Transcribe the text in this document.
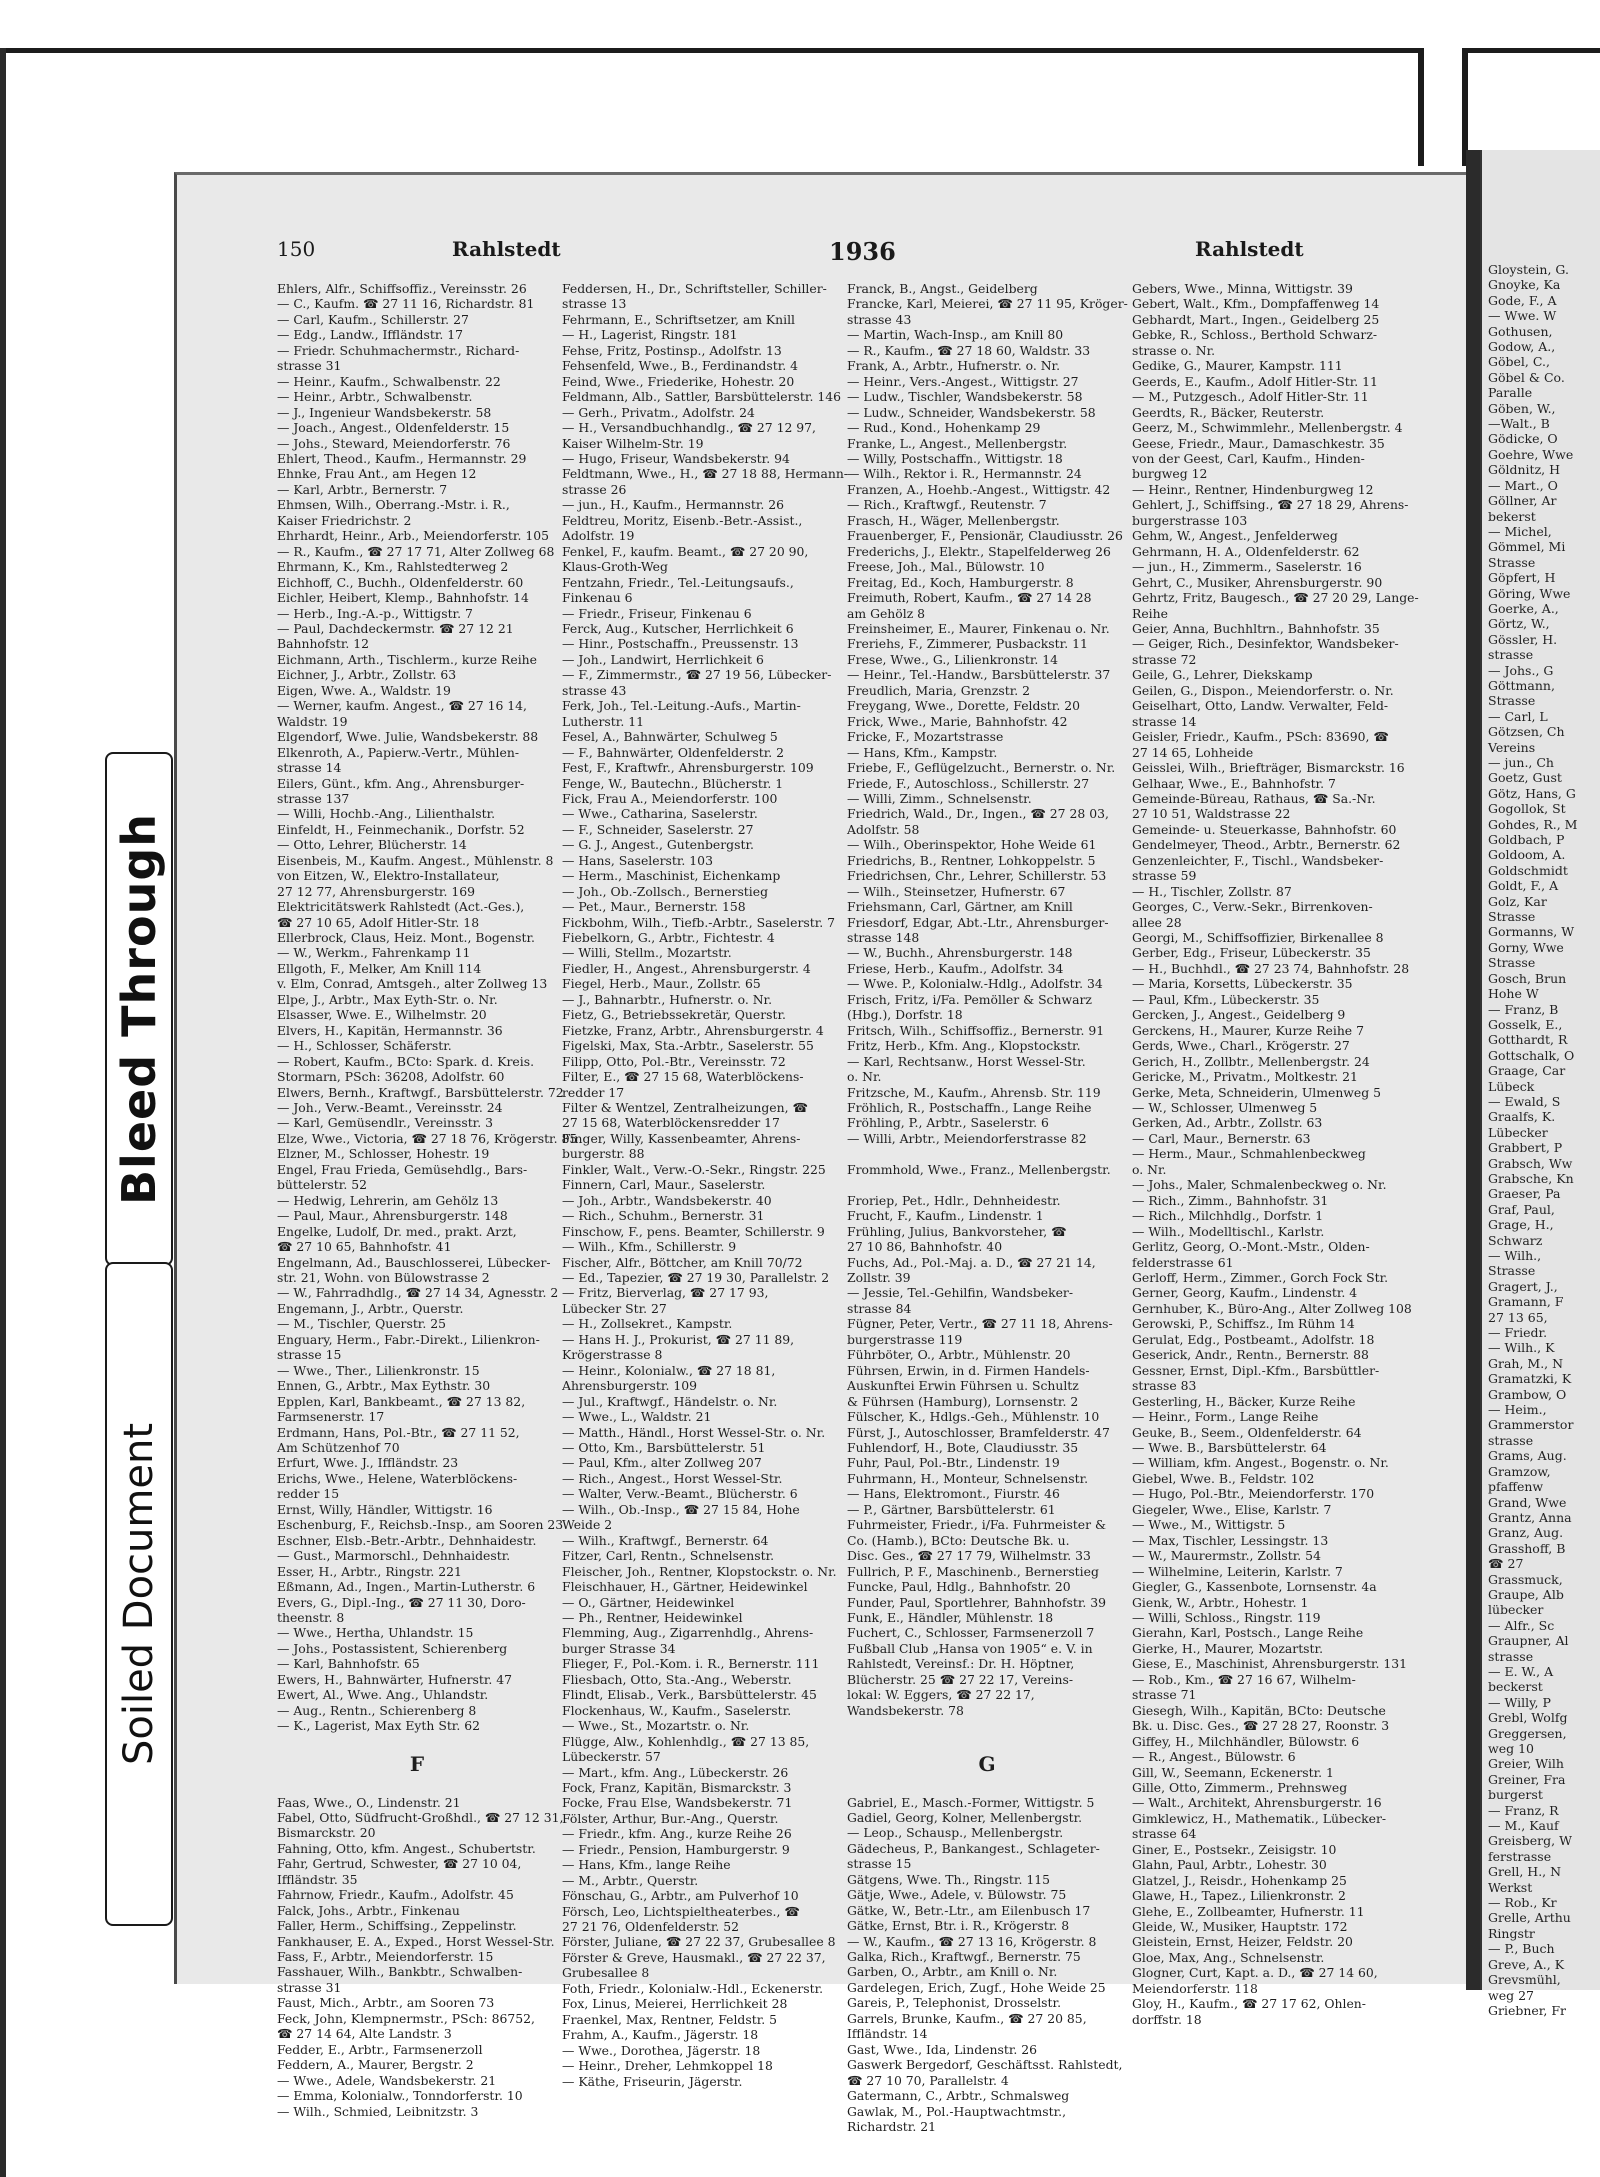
Bleed Through
Soiled Document
150	Rahlstedt	1936	Rahlstedt
Ehlers, Alfr., Schiffsoffiz., Vereinsstr. 26
— C., Kaufm. ☎ 27 11 16, Richardstr. 81
— Carl, Kaufm., Schillerstr. 27
— Edg., Landw., Iffländstr. 17
— Friedr. Schuhmachermstr., Richard-
strasse 31
— Heinr., Kaufm., Schwalbenstr. 22
— Heinr., Arbtr., Schwalbenstr.
— J., Ingenieur Wandsbekerstr. 58
— Joach., Angest., Oldenfelderstr. 15
— Johs., Steward, Meiendorferstr. 76
Ehlert, Theod., Kaufm., Hermannstr. 29
Ehnke, Frau Ant., am Hegen 12
— Karl, Arbtr., Bernerstr. 7
Ehmsen, Wilh., Oberrang.-Mstr. i. R.,
Kaiser Friedrichstr. 2
Ehrhardt, Heinr., Arb., Meiendorferstr. 105
— R., Kaufm., ☎ 27 17 71, Alter Zollweg 68
Ehrmann, K., Km., Rahlstedterweg 2
Eichhoff, C., Buchh., Oldenfelderstr. 60
Eichler, Heibert, Klemp., Bahnhofstr. 14
— Herb., Ing.-A.-p., Wittigstr. 7
— Paul, Dachdeckermstr. ☎ 27 12 21
Bahnhofstr. 12
Eichmann, Arth., Tischlerm., kurze Reihe
Eichner, J., Arbtr., Zollstr. 63
Eigen, Wwe. A., Waldstr. 19
— Werner, kaufm. Angest., ☎ 27 16 14,
Waldstr. 19
Elgendorf, Wwe. Julie, Wandsbekerstr. 88
Elkenroth, A., Papierw.-Vertr., Mühlen-
strasse 14
Eilers, Günt., kfm. Ang., Ahrensburger-
strasse 137
— Willi, Hochb.-Ang., Lilienthalstr.
Einfeldt, H., Feinmechanik., Dorfstr. 52
— Otto, Lehrer, Blücherstr. 14
Eisenbeis, M., Kaufm. Angest., Mühlenstr. 8
von Eitzen, W., Elektro-Installateur,
27 12 77, Ahrensburgerstr. 169
Elektricitätswerk Rahlstedt (Act.-Ges.),
☎ 27 10 65, Adolf Hitler-Str. 18
Ellerbrock, Claus, Heiz. Mont., Bogenstr.
— W., Werkm., Fahrenkamp 11
Ellgoth, F., Melker, Am Knill 114
v. Elm, Conrad, Amtsgeh., alter Zollweg 13
Elpe, J., Arbtr., Max Eyth-Str. o. Nr.
Elsasser, Wwe. E., Wilhelmstr. 20
Elvers, H., Kapitän, Hermannstr. 36
— H., Schlosser, Schäferstr.
— Robert, Kaufm., BCto: Spark. d. Kreis.
Stormarn, PSch: 36208, Adolfstr. 60
Elwers, Bernh., Kraftwgf., Barsbüttelerstr. 72
— Joh., Verw.-Beamt., Vereinsstr. 24
— Karl, Gemüsendlr., Vereinsstr. 3
Elze, Wwe., Victoria, ☎ 27 18 76, Krögerstr. 85
Elzner, M., Schlosser, Hohestr. 19
Engel, Frau Frieda, Gemüsehdlg., Bars-
büttelerstr. 52
— Hedwig, Lehrerin, am Gehölz 13
— Paul, Maur., Ahrensburgerstr. 148
Engelke, Ludolf, Dr. med., prakt. Arzt,
☎ 27 10 65, Bahnhofstr. 41
Engelmann, Ad., Bauschlosserei, Lübecker-
str. 21, Wohn. von Bülowstrasse 2
— W., Fahrradhdlg., ☎ 27 14 34, Agnesstr. 2
Engemann, J., Arbtr., Querstr.
— M., Tischler, Querstr. 25
Enguary, Herm., Fabr.-Direkt., Lilienkron-
strasse 15
— Wwe., Ther., Lilienkronstr. 15
Ennen, G., Arbtr., Max Eythstr. 30
Epplen, Karl, Bankbeamt., ☎ 27 13 82,
Farmsenerstr. 17
Erdmann, Hans, Pol.-Btr., ☎ 27 11 52,
Am Schützenhof 70
Erfurt, Wwe. J., Iffländstr. 23
Erichs, Wwe., Helene, Waterblöckens-
redder 15
Ernst, Willy, Händler, Wittigstr. 16
Eschenburg, F., Reichsb.-Insp., am Sooren 23
Eschner, Elsb.-Betr.-Arbtr., Dehnhaidestr.
— Gust., Marmorschl., Dehnhaidestr.
Esser, H., Arbtr., Ringstr. 221
Eßmann, Ad., Ingen., Martin-Lutherstr. 6
Evers, G., Dipl.-Ing., ☎ 27 11 30, Doro-
theenstr. 8
— Wwe., Hertha, Uhlandstr. 15
— Johs., Postassistent, Schierenberg
— Karl, Bahnhofstr. 65
Ewers, H., Bahnwärter, Hufnerstr. 47
Ewert, Al., Wwe. Ang., Uhlandstr.
— Aug., Rentn., Schierenberg 8
— K., Lagerist, Max Eyth Str. 62

F

Faas, Wwe., O., Lindenstr. 21
Fabel, Otto, Südfrucht-Großhdl., ☎ 27 12 31,
Bismarckstr. 20
Fahning, Otto, kfm. Angest., Schubertstr.
Fahr, Gertrud, Schwester, ☎ 27 10 04,
Iffländstr. 35
Fahrnow, Friedr., Kaufm., Adolfstr. 45
Falck, Johs., Arbtr., Finkenau
Faller, Herm., Schiffsing., Zeppelinstr.
Fankhauser, E. A., Exped., Horst Wessel-Str.
Fass, F., Arbtr., Meiendorferstr. 15
Fasshauer, Wilh., Bankbtr., Schwalben-
strasse 31
Faust, Mich., Arbtr., am Sooren 73
Feck, John, Klempnermstr., PSch: 86752,
☎ 27 14 64, Alte Landstr. 3
Fedder, E., Arbtr., Farmsenerzoll
Feddern, A., Maurer, Bergstr. 2
— Wwe., Adele, Wandsbekerstr. 21
— Emma, Kolonialw., Tonndorferstr. 10
— Wilh., Schmied, Leibnitzstr. 3
Feddersen, H., Dr., Schriftsteller, Schiller-
strasse 13
Fehrmann, E., Schriftsetzer, am Knill
— H., Lagerist, Ringstr. 181
Fehse, Fritz, Postinsp., Adolfstr. 13
Fehsenfeld, Wwe., B., Ferdinandstr. 4
Feind, Wwe., Friederike, Hohestr. 20
Feldmann, Alb., Sattler, Barsbüttelerstr. 146
— Gerh., Privatm., Adolfstr. 24
— H., Versandbuchhandlg., ☎ 27 12 97,
Kaiser Wilhelm-Str. 19
— Hugo, Friseur, Wandsbekerstr. 94
Feldtmann, Wwe., H., ☎ 27 18 88, Hermann-
strasse 26
— jun., H., Kaufm., Hermannstr. 26
Feldtreu, Moritz, Eisenb.-Betr.-Assist.,
Adolfstr. 19
Fenkel, F., kaufm. Beamt., ☎ 27 20 90,
Klaus-Groth-Weg
Fentzahn, Friedr., Tel.-Leitungsaufs.,
Finkenau 6
— Friedr., Friseur, Finkenau 6
Ferck, Aug., Kutscher, Herrlichkeit 6
— Hinr., Postschaffn., Preussenstr. 13
— Joh., Landwirt, Herrlichkeit 6
— F., Zimmermstr., ☎ 27 19 56, Lübecker-
strasse 43
Ferk, Joh., Tel.-Leitung.-Aufs., Martin-
Lutherstr. 11
Fesel, A., Bahnwärter, Schulweg 5
— F., Bahnwärter, Oldenfelderstr. 2
Fest, F., Kraftwfr., Ahrensburgerstr. 109
Fenge, W., Bautechn., Blücherstr. 1
Fick, Frau A., Meiendorferstr. 100
— Wwe., Catharina, Saselerstr.
— F., Schneider, Saselerstr. 27
— G. J., Angest., Gutenbergstr.
— Hans, Saselerstr. 103
— Herm., Maschinist, Eichenkamp
— Joh., Ob.-Zollsch., Bernerstieg
— Pet., Maur., Bernerstr. 158
Fickbohm, Wilh., Tiefb.-Arbtr., Saselerstr. 7
Fiebelkorn, G., Arbtr., Fichtestr. 4
— Willi, Stellm., Mozartstr.
Fiedler, H., Angest., Ahrensburgerstr. 4
Fiegel, Herb., Maur., Zollstr. 65
— J., Bahnarbtr., Hufnerstr. o. Nr.
Fietz, G., Betriebssekretär, Querstr.
Fietzke, Franz, Arbtr., Ahrensburgerstr. 4
Figelski, Max, Sta.-Arbtr., Saselerstr. 55
Filipp, Otto, Pol.-Btr., Vereinsstr. 72
Filter, E., ☎ 27 15 68, Waterblöckens-
redder 17
Filter & Wentzel, Zentralheizungen, ☎
27 15 68, Waterblöckensredder 17
Finger, Willy, Kassenbeamter, Ahrens-
burgerstr. 88
Finkler, Walt., Verw.-O.-Sekr., Ringstr. 225
Finnern, Carl, Maur., Saselerstr.
— Joh., Arbtr., Wandsbekerstr. 40
— Rich., Schuhm., Bernerstr. 31
Finschow, F., pens. Beamter, Schillerstr. 9
— Wilh., Kfm., Schillerstr. 9
Fischer, Alfr., Böttcher, am Knill 70/72
— Ed., Tapezier, ☎ 27 19 30, Parallelstr. 2
— Fritz, Bierverlag, ☎ 27 17 93,
Lübecker Str. 27
— H., Zollsekret., Kampstr.
— Hans H. J., Prokurist, ☎ 27 11 89,
Krögerstrasse 8
— Heinr., Kolonialw., ☎ 27 18 81,
Ahrensburgerstr. 109
— Jul., Kraftwgf., Händelstr. o. Nr.
— Wwe., L., Waldstr. 21
— Matth., Händl., Horst Wessel-Str. o. Nr.
— Otto, Km., Barsbüttelerstr. 51
— Paul, Kfm., alter Zollweg 207
— Rich., Angest., Horst Wessel-Str.
— Walter, Verw.-Beamt., Blücherstr. 6
— Wilh., Ob.-Insp., ☎ 27 15 84, Hohe
Weide 2
— Wilh., Kraftwgf., Bernerstr. 64
Fitzer, Carl, Rentn., Schnelsenstr.
Fleischer, Joh., Rentner, Klopstockstr. o. Nr.
Fleischhauer, H., Gärtner, Heidewinkel
— O., Gärtner, Heidewinkel
— Ph., Rentner, Heidewinkel
Flemming, Aug., Zigarrenhdlg., Ahrens-
burger Strasse 34
Flieger, F., Pol.-Kom. i. R., Bernerstr. 111
Fliesbach, Otto, Sta.-Ang., Weberstr.
Flindt, Elisab., Verk., Barsbüttelerstr. 45
Flockenhaus, W., Kaufm., Saselerstr.
— Wwe., St., Mozartstr. o. Nr.
Flügge, Alw., Kohlenhdlg., ☎ 27 13 85,
Lübeckerstr. 57
— Mart., kfm. Ang., Lübeckerstr. 26
Fock, Franz, Kapitän, Bismarckstr. 3
Focke, Frau Else, Wandsbekerstr. 71
Fölster, Arthur, Bur.-Ang., Querstr.
— Friedr., kfm. Ang., kurze Reihe 26
— Friedr., Pension, Hamburgerstr. 9
— Hans, Kfm., lange Reihe
— M., Arbtr., Querstr.
Fönschau, G., Arbtr., am Pulverhof 10
Försch, Leo, Lichtspieltheaterbes., ☎
27 21 76, Oldenfelderstr. 52
Förster, Juliane, ☎ 27 22 37, Grubesallee 8
Förster & Greve, Hausmakl., ☎ 27 22 37,
Grubesallee 8
Foth, Friedr., Kolonialw.-Hdl., Eckenerstr.
Fox, Linus, Meierei, Herrlichkeit 28
Fraenkel, Max, Rentner, Feldstr. 5
Frahm, A., Kaufm., Jägerstr. 18
— Wwe., Dorothea, Jägerstr. 18
— Heinr., Dreher, Lehmkoppel 18
— Käthe, Friseurin, Jägerstr.
Franck, B., Angst., Geidelberg
Francke, Karl, Meierei, ☎ 27 11 95, Kröger-
strasse 43
— Martin, Wach-Insp., am Knill 80
— R., Kaufm., ☎ 27 18 60, Waldstr. 33
Frank, A., Arbtr., Hufnerstr. o. Nr.
— Heinr., Vers.-Angest., Wittigstr. 27
— Ludw., Tischler, Wandsbekerstr. 58
— Ludw., Schneider, Wandsbekerstr. 58
— Rud., Kond., Hohenkamp 29
Franke, L., Angest., Mellenbergstr.
— Willy, Postschaffn., Wittigstr. 18
— Wilh., Rektor i. R., Hermannstr. 24
Franzen, A., Hoehb.-Angest., Wittigstr. 42
— Rich., Kraftwgf., Reutenstr. 7
Frasch, H., Wäger, Mellenbergstr.
Frauenberger, F., Pensionär, Claudiusstr. 26
Frederichs, J., Elektr., Stapelfelderweg 26
Freese, Joh., Mal., Bülowstr. 10
Freitag, Ed., Koch, Hamburgerstr. 8
Freimuth, Robert, Kaufm., ☎ 27 14 28
am Gehölz 8
Freinsheimer, E., Maurer, Finkenau o. Nr.
Freriehs, F., Zimmerer, Pusbackstr. 11
Frese, Wwe., G., Lilienkronstr. 14
— Heinr., Tel.-Handw., Barsbüttelerstr. 37
Freudlich, Maria, Grenzstr. 2
Freygang, Wwe., Dorette, Feldstr. 20
Frick, Wwe., Marie, Bahnhofstr. 42
Fricke, F., Mozartstrasse
— Hans, Kfm., Kampstr.
Friebe, F., Geflügelzucht., Bernerstr. o. Nr.
Friede, F., Autoschloss., Schillerstr. 27
— Willi, Zimm., Schnelsenstr.
Friedrich, Wald., Dr., Ingen., ☎ 27 28 03,
Adolfstr. 58
— Wilh., Oberinspektor, Hohe Weide 61
Friedrichs, B., Rentner, Lohkoppelstr. 5
Friedrichsen, Chr., Lehrer, Schillerstr. 53
— Wilh., Steinsetzer, Hufnerstr. 67
Friehsmann, Carl, Gärtner, am Knill
Friesdorf, Edgar, Abt.-Ltr., Ahrensburger-
strasse 148
— W., Buchh., Ahrensburgerstr. 148
Friese, Herb., Kaufm., Adolfstr. 34
— Wwe. P., Kolonialw.-Hdlg., Adolfstr. 34
Frisch, Fritz, i/Fa. Pemöller & Schwarz
(Hbg.), Dorfstr. 18
Fritsch, Wilh., Schiffsoffiz., Bernerstr. 91
Fritz, Herb., Kfm. Ang., Klopstockstr.
— Karl, Rechtsanw., Horst Wessel-Str.
o. Nr.
Fritzsche, M., Kaufm., Ahrensb. Str. 119
Fröhlich, R., Postschaffn., Lange Reihe
Fröhling, P., Arbtr., Saselerstr. 6
— Willi, Arbtr., Meiendorferstrasse 82

Frommhold, Wwe., Franz., Mellenbergstr.

Froriep, Pet., Hdlr., Dehnheidestr.
Frucht, F., Kaufm., Lindenstr. 1
Frühling, Julius, Bankvorsteher, ☎
27 10 86, Bahnhofstr. 40
Fuchs, Ad., Pol.-Maj. a. D., ☎ 27 21 14,
Zollstr. 39
— Jessie, Tel.-Gehilfin, Wandsbeker-
strasse 84
Fügner, Peter, Vertr., ☎ 27 11 18, Ahrens-
burgerstrasse 119
Führböter, O., Arbtr., Mühlenstr. 20
Führsen, Erwin, in d. Firmen Handels-
Auskunftei Erwin Führsen u. Schultz
& Führsen (Hamburg), Lornsenstr. 2
Fülscher, K., Hdlgs.-Geh., Mühlenstr. 10
Fürst, J., Autoschlosser, Bramfelderstr. 47
Fuhlendorf, H., Bote, Claudiusstr. 35
Fuhr, Paul, Pol.-Btr., Lindenstr. 19
Fuhrmann, H., Monteur, Schnelsenstr.
— Hans, Elektromont., Fiurstr. 46
— P., Gärtner, Barsbüttelerstr. 61
Fuhrmeister, Friedr., i/Fa. Fuhrmeister &
Co. (Hamb.), BCto: Deutsche Bk. u.
Disc. Ges., ☎ 27 17 79, Wilhelmstr. 33
Fullrich, P. F., Maschinenb., Bernerstieg
Funcke, Paul, Hdlg., Bahnhofstr. 20
Funder, Paul, Sportlehrer, Bahnhofstr. 39
Funk, E., Händler, Mühlenstr. 18
Fuchert, C., Schlosser, Farmsenerzoll 7
Fußball Club „Hansa von 1905“ e. V. in
Rahlstedt, Vereinsf.: Dr. H. Höptner,
Blücherstr. 25 ☎ 27 22 17, Vereins-
lokal: W. Eggers, ☎ 27 22 17,
Wandsbekerstr. 78

G

Gabriel, E., Masch.-Former, Wittigstr. 5
Gadiel, Georg, Kolner, Mellenbergstr.
— Leop., Schausp., Mellenbergstr.
Gädecheus, P., Bankangest., Schlageter-
strasse 15
Gätgens, Wwe. Th., Ringstr. 115
Gätje, Wwe., Adele, v. Bülowstr. 75
Gätke, W., Betr.-Ltr., am Eilenbusch 17
Gätke, Ernst, Btr. i. R., Krögerstr. 8
— W., Kaufm., ☎ 27 13 16, Krögerstr. 8
Galka, Rich., Kraftwgf., Bernerstr. 75
Garben, O., Arbtr., am Knill o. Nr.
Gardelegen, Erich, Zugf., Hohe Weide 25
Gareis, P., Telephonist, Drosselstr.
Garrels, Brunke, Kaufm., ☎ 27 20 85,
Iffländstr. 14
Gast, Wwe., Ida, Lindenstr. 26
Gaswerk Bergedorf, Geschäftsst. Rahlstedt,
☎ 27 10 70, Parallelstr. 4
Gatermann, C., Arbtr., Schmalsweg
Gawlak, M., Pol.-Hauptwachtmstr.,
Richardstr. 21
Gebers, Wwe., Minna, Wittigstr. 39
Gebert, Walt., Kfm., Dompfaffenweg 14
Gebhardt, Mart., Ingen., Geidelberg 25
Gebke, R., Schloss., Berthold Schwarz-
strasse o. Nr.
Gedike, G., Maurer, Kampstr. 111
Geerds, E., Kaufm., Adolf Hitler-Str. 11
— M., Putzgesch., Adolf Hitler-Str. 11
Geerdts, R., Bäcker, Reuterstr.
Geerz, M., Schwimmlehr., Mellenbergstr. 4
Geese, Friedr., Maur., Damaschkestr. 35
von der Geest, Carl, Kaufm., Hinden-
burgweg 12
— Heinr., Rentner, Hindenburgweg 12
Gehlert, J., Schiffsing., ☎ 27 18 29, Ahrens-
burgerstrasse 103
Gehm, W., Angest., Jenfelderweg
Gehrmann, H. A., Oldenfelderstr. 62
— jun., H., Zimmerm., Saselerstr. 16
Gehrt, C., Musiker, Ahrensburgerstr. 90
Gehrtz, Fritz, Baugesch., ☎ 27 20 29, Lange-
Reihe
Geier, Anna, Buchhltrn., Bahnhofstr. 35
— Geiger, Rich., Desinfektor, Wandsbeker-
strasse 72
Geile, G., Lehrer, Diekskamp
Geilen, G., Dispon., Meiendorferstr. o. Nr.
Geiselhart, Otto, Landw. Verwalter, Feld-
strasse 14
Geisler, Friedr., Kaufm., PSch: 83690, ☎
27 14 65, Lohheide
Geisslei, Wilh., Briefträger, Bismarckstr. 16
Gelhaar, Wwe., E., Bahnhofstr. 7
Gemeinde-Büreau, Rathaus, ☎ Sa.-Nr.
27 10 51, Waldstrasse 22
Gemeinde- u. Steuerkasse, Bahnhofstr. 60
Gendelmeyer, Theod., Arbtr., Bernerstr. 62
Genzenleichter, F., Tischl., Wandsbeker-
strasse 59
— H., Tischler, Zollstr. 87
Georges, C., Verw.-Sekr., Birrenkoven-
allee 28
Georgi, M., Schiffsoffizier, Birkenallee 8
Gerber, Edg., Friseur, Lübeckerstr. 35
— H., Buchhdl., ☎ 27 23 74, Bahnhofstr. 28
— Maria, Korsetts, Lübeckerstr. 35
— Paul, Kfm., Lübeckerstr. 35
Gercken, J., Angest., Geidelberg 9
Gerckens, H., Maurer, Kurze Reihe 7
Gerds, Wwe., Charl., Krögerstr. 27
Gerich, H., Zollbtr., Mellenbergstr. 24
Gericke, M., Privatm., Moltkestr. 21
Gerke, Meta, Schneiderin, Ulmenweg 5
— W., Schlosser, Ulmenweg 5
Gerken, Ad., Arbtr., Zollstr. 63
— Carl, Maur., Bernerstr. 63
— Herm., Maur., Schmahlenbeckweg
o. Nr.
— Johs., Maler, Schmalenbeckweg o. Nr.
— Rich., Zimm., Bahnhofstr. 31
— Rich., Milchhdlg., Dorfstr. 1
— Wilh., Modelltischl., Karlstr.
Gerlitz, Georg, O.-Mont.-Mstr., Olden-
felderstrasse 61
Gerloff, Herm., Zimmer., Gorch Fock Str.
Gerner, Georg, Kaufm., Lindenstr. 4
Gernhuber, K., Büro-Ang., Alter Zollweg 108
Gerowski, P., Schiffsz., Im Rühm 14
Gerulat, Edg., Postbeamt., Adolfstr. 18
Geserick, Andr., Rentn., Bernerstr. 88
Gessner, Ernst, Dipl.-Kfm., Barsbüttler-
strasse 83
Gesterling, H., Bäcker, Kurze Reihe
— Heinr., Form., Lange Reihe
Geuke, B., Seem., Oldenfelderstr. 64
— Wwe. B., Barsbüttelerstr. 64
— William, kfm. Angest., Bogenstr. o. Nr.
Giebel, Wwe. B., Feldstr. 102
— Hugo, Pol.-Btr., Meiendorferstr. 170
Giegeler, Wwe., Elise, Karlstr. 7
— Wwe., M., Wittigstr. 5
— Max, Tischler, Lessingstr. 13
— W., Maurermstr., Zollstr. 54
— Wilhelmine, Leiterin, Karlstr. 7
Giegler, G., Kassenbote, Lornsenstr. 4a
Gienk, W., Arbtr., Hohestr. 1
— Willi, Schloss., Ringstr. 119
Gierahn, Karl, Postsch., Lange Reihe
Gierke, H., Maurer, Mozartstr.
Giese, E., Maschinist, Ahrensburgerstr. 131
— Rob., Km., ☎ 27 16 67, Wilhelm-
strasse 71
Giesegh, Wilh., Kapitän, BCto: Deutsche
Bk. u. Disc. Ges., ☎ 27 28 27, Roonstr. 3
Giffey, H., Milchhändler, Bülowstr. 6
— R., Angest., Bülowstr. 6
Gill, W., Seemann, Eckenerstr. 1
Gille, Otto, Zimmerm., Prehnsweg
— Walt., Architekt, Ahrensburgerstr. 16
Gimklewicz, H., Mathematik., Lübecker-
strasse 64
Giner, E., Postsekr., Zeisigstr. 10
Glahn, Paul, Arbtr., Lohestr. 30
Glatzel, J., Reisdr., Hohenkamp 25
Glawe, H., Tapez., Lilienkronstr. 2
Glehe, E., Zollbeamter, Hufnerstr. 11
Gleide, W., Musiker, Hauptstr. 172
Gleistein, Ernst, Heizer, Feldstr. 20
Gloe, Max, Ang., Schnelsenstr.
Glogner, Curt, Kapt. a. D., ☎ 27 14 60,
Meiendorferstr. 118
Gloy, H., Kaufm., ☎ 27 17 62, Ohlen-
dorffstr. 18
Gloystein, G.
Gnoyke, Ka
Gode, F., A
— Wwe. W
Gothusen,
Godow, A.,
Göbel, C.,
Göbel & Co.
Paralle
Göben, W.,
—Walt., B
Gödicke, O
Goehre, Wwe
Göldnitz, H
— Mart., O
Göllner, Ar
bekerst
— Michel,
Gömmel, Mi
Strasse
Göpfert, H
Göring, Wwe
Goerke, A.,
Görtz, W.,
Gössler, H.
strasse
— Johs., G
Göttmann,
Strasse
— Carl, L
Götzsen, Ch
Vereins
— jun., Ch
Goetz, Gust
Götz, Hans, G
Gogollok, St
Gohdes, R., M
Goldbach, P
Goldoom, A.
Goldschmidt
Goldt, F., A
Golz, Kar
Strasse
Gormanns, W
Gorny, Wwe
Strasse
Gosch, Brun
Hohe W
— Franz, B
Gosselk, E.,
Gotthardt, R
Gottschalk, O
Graage, Car
Lübeck
— Ewald, S
Graalfs, K.
Lübecker
Grabbert, P
Grabsch, Ww
Grabsche, Kn
Graeser, Pa
Graf, Paul,
Grage, H.,
Schwarz
— Wilh.,
Strasse
Gragert, J.,
Gramann, F
27 13 65,
— Friedr.
— Wilh., K
Grah, M., N
Gramatzki, K
Grambow, O
— Heim.,
Grammerstor
strasse
Grams, Aug.
Gramzow,
pfaffenw
Grand, Wwe
Grantz, Anna
Granz, Aug.
Grasshoff, B
☎ 27
Grassmuck,
Graupe, Alb
lübecker
— Alfr., Sc
Graupner, Al
strasse
— E. W., A
beckerst
— Willy, P
Grebl, Wolfg
Greggersen,
weg 10
Greier, Wilh
Greiner, Fra
burgerst
— Franz, R
— M., Kauf
Greisberg, W
ferstrasse
Grell, H., N
Werkst
— Rob., Kr
Grelle, Arthu
Ringstr
— P., Buch
Greve, A., K
Grevsmühl,
weg 27
Griebner, Fr
